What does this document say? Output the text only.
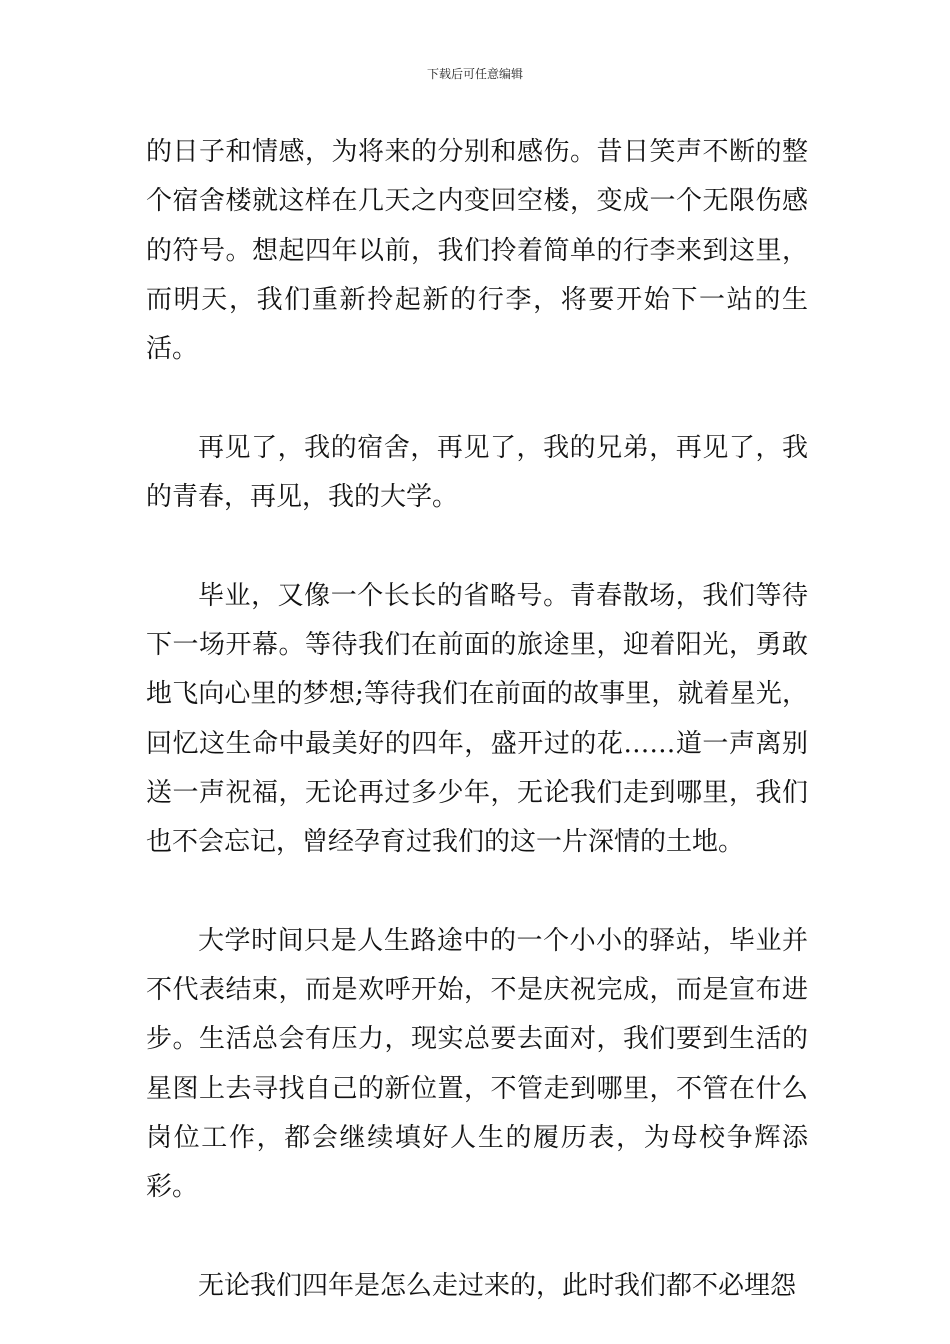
下载后可任意编辑

的日子和情感，为将来的分别和感伤。昔日笑声不断的整个宿舍楼就这样在几天之内变回空楼，变成一个无限伤感的符号。想起四年以前，我们拎着简单的行李来到这里，而明天，我们重新拎起新的行李，将要开始下一站的生活。

再见了，我的宿舍，再见了，我的兄弟，再见了，我的青春，再见，我的大学。

毕业，又像一个长长的省略号。青春散场，我们等待下一场开幕。等待我们在前面的旅途里，迎着阳光，勇敢地飞向心里的梦想;等待我们在前面的故事里，就着星光，回忆这生命中最美好的四年，盛开过的花……道一声离别送一声祝福，无论再过多少年，无论我们走到哪里，我们也不会忘记，曾经孕育过我们的这一片深情的土地。

大学时间只是人生路途中的一个小小的驿站，毕业并不代表结束，而是欢呼开始，不是庆祝完成，而是宣布进步。生活总会有压力，现实总要去面对，我们要到生活的星图上去寻找自己的新位置，不管走到哪里，不管在什么岗位工作，都会继续填好人生的履历表，为母校争辉添彩。

无论我们四年是怎么走过来的，此时我们都不必埋怨
